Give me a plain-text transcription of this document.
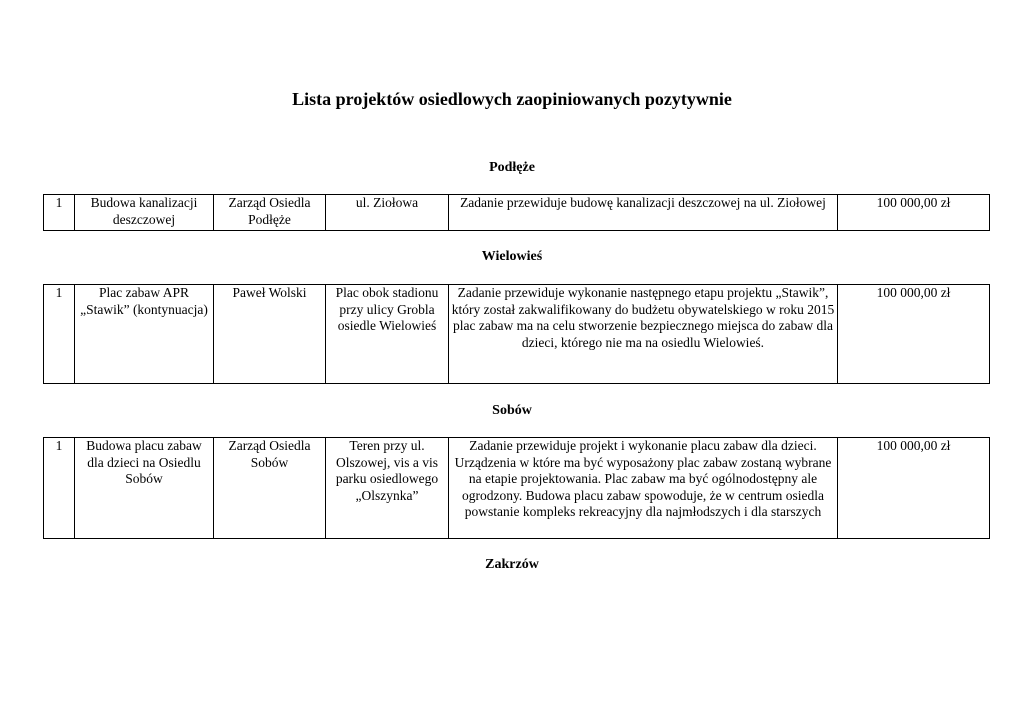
Lista projektów osiedlowych zaopiniowanych pozytywnie
Podłęże
1	Budowa kanalizacji deszczowej	Zarząd Osiedla Podłęże	ul. Ziołowa	Zadanie przewiduje budowę kanalizacji deszczowej na ul. Ziołowej	100 000,00 zł
Wielowieś
1	Plac zabaw APR „Stawik” (kontynuacja)	Paweł Wolski	Plac obok stadionu przy ulicy Grobla osiedle Wielowieś	Zadanie przewiduje wykonanie następnego etapu projektu „Stawik”, który został zakwalifikowany do budżetu obywatelskiego w roku 2015 plac zabaw ma na celu stworzenie bezpiecznego miejsca do zabaw dla dzieci, którego nie ma na osiedlu Wielowieś.	100 000,00 zł
Sobów
1	Budowa placu zabaw dla dzieci na Osiedlu Sobów	Zarząd Osiedla Sobów	Teren przy ul. Olszowej, vis a vis parku osiedlowego „Olszynka”	Zadanie przewiduje projekt i wykonanie placu zabaw dla dzieci. Urządzenia w które ma być wyposażony plac zabaw zostaną wybrane na etapie projektowania. Plac zabaw ma być ogólnodostępny ale ogrodzony. Budowa placu zabaw spowoduje, że w centrum osiedla powstanie kompleks rekreacyjny dla najmłodszych i dla starszych	100 000,00 zł
Zakrzów
